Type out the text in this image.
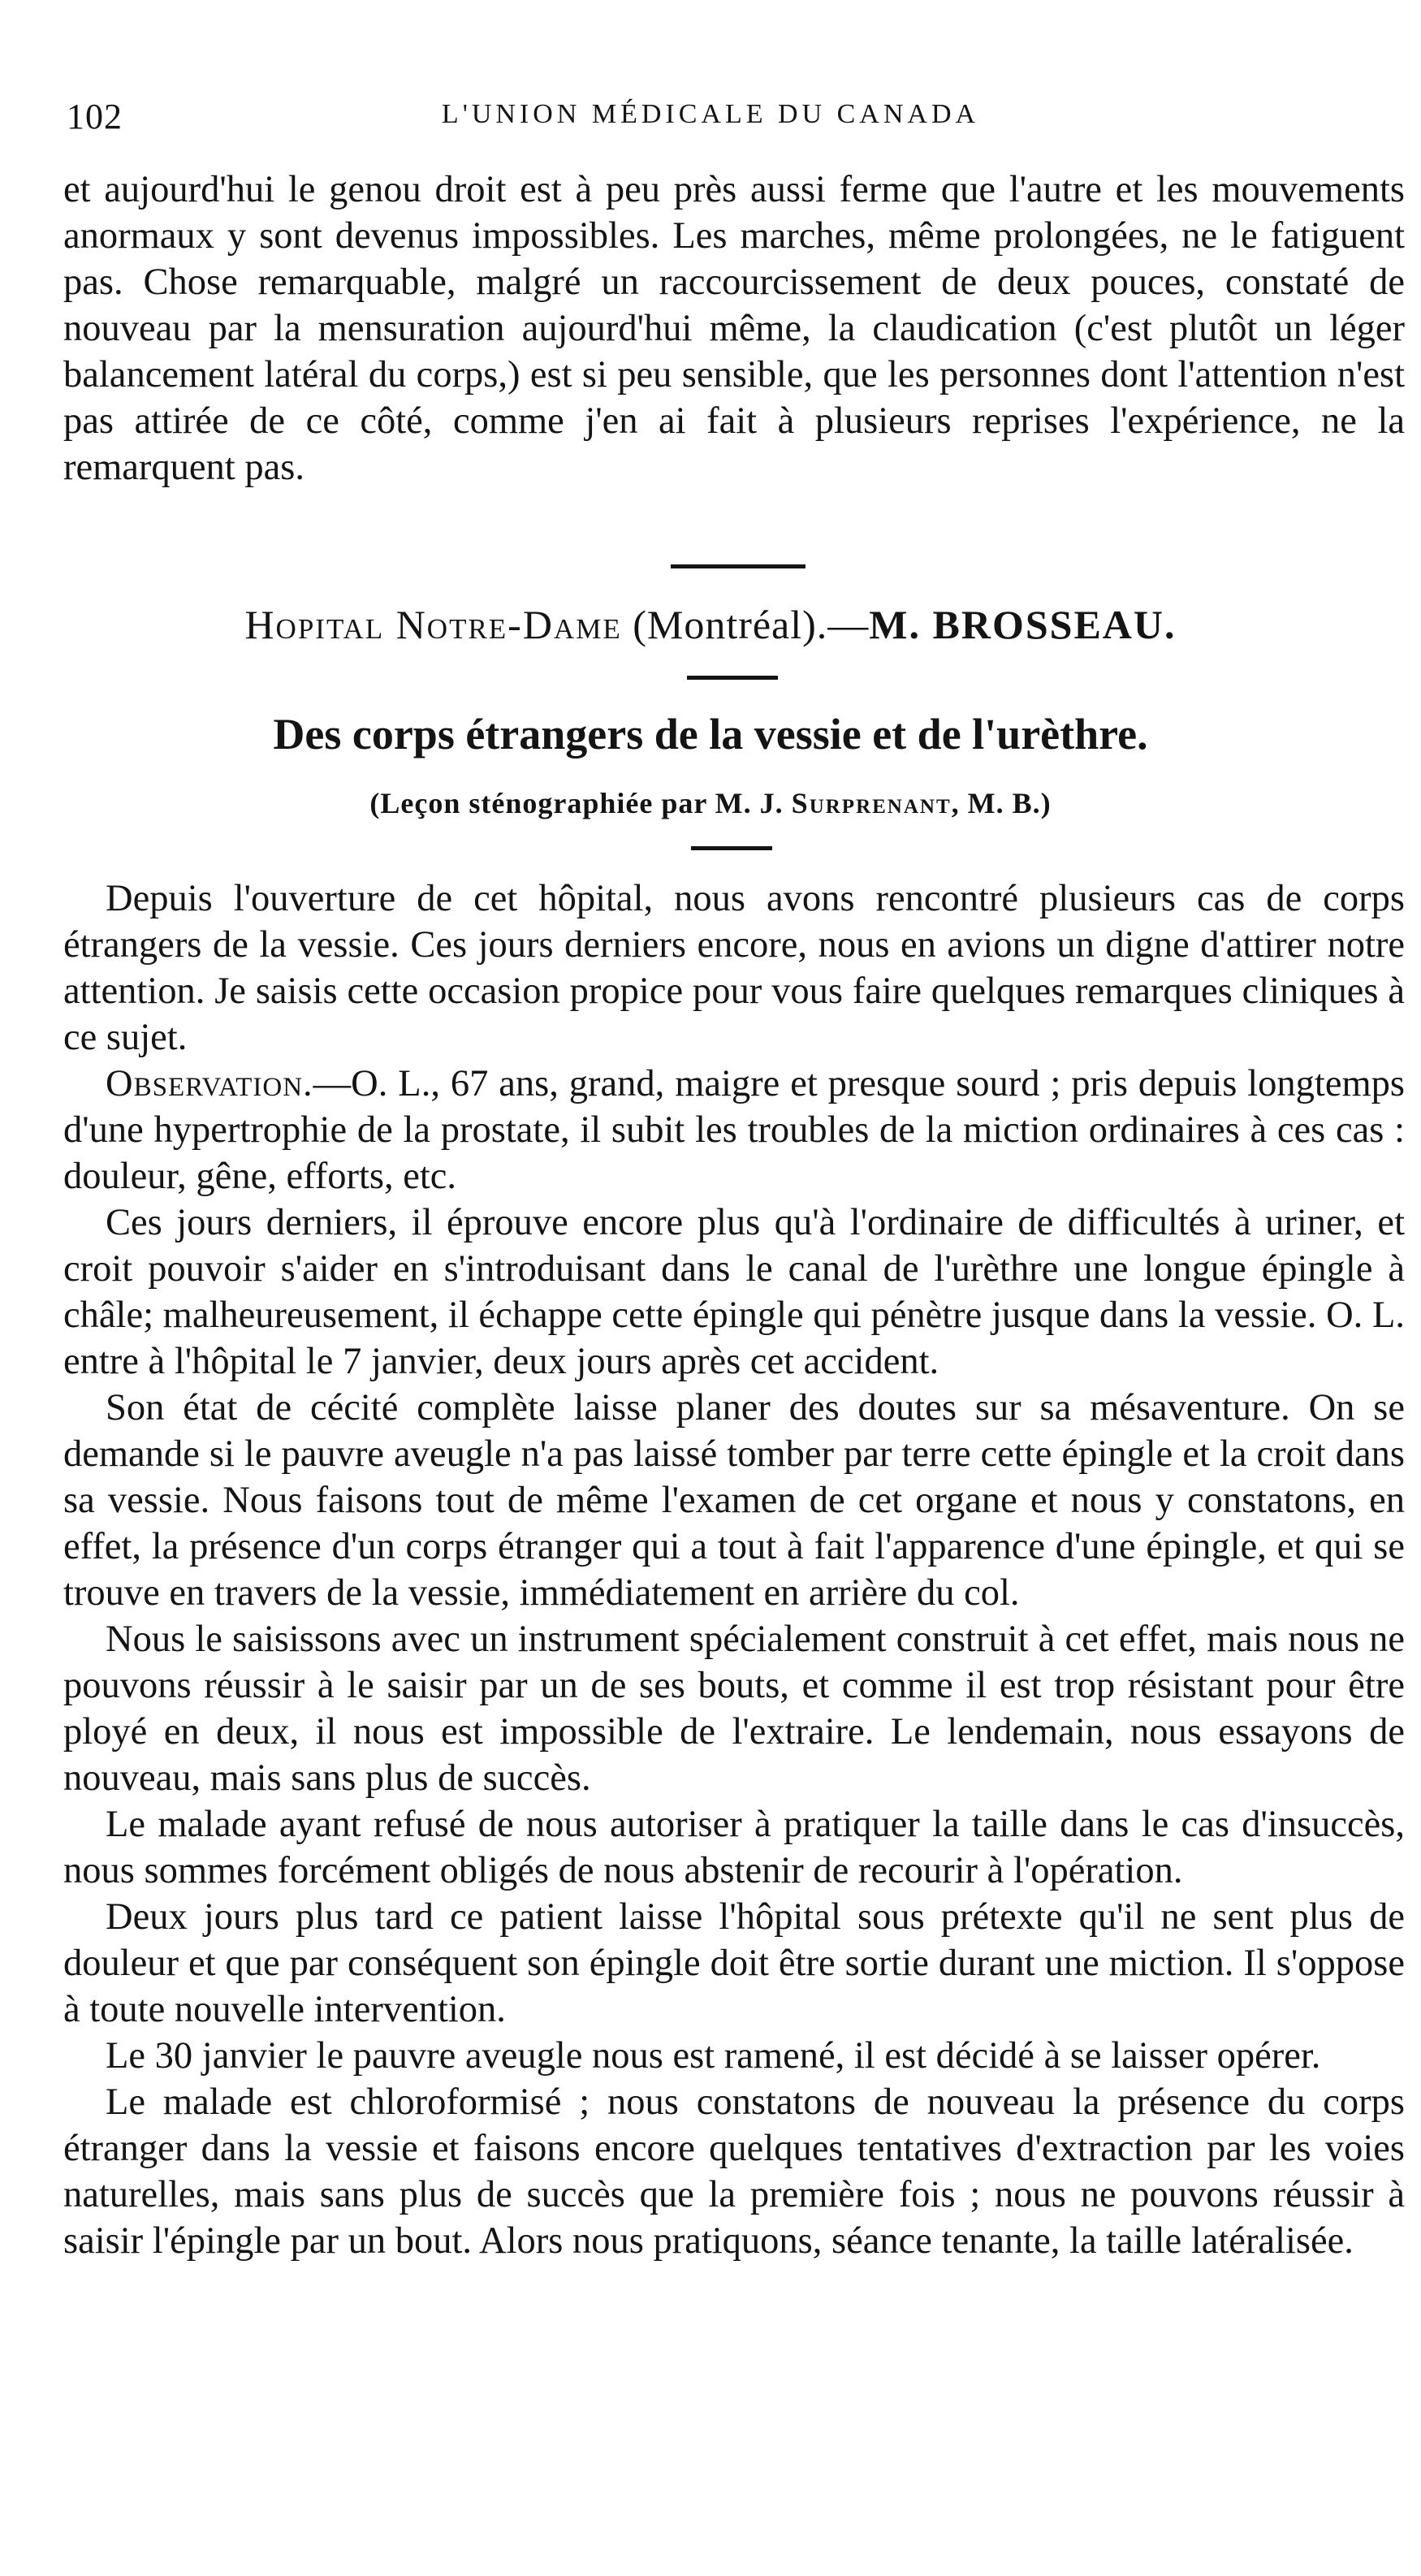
102	L'UNION MÉDICALE DU CANADA

et aujourd'hui le genou droit est à peu près aussi ferme que l'autre et les mouvements anormaux y sont devenus impossibles. Les marches, même prolongées, ne le fatiguent pas. Chose remarquable, malgré un raccourcissement de deux pouces, constaté de nouveau par la mensuration aujourd'hui même, la claudication (c'est plutôt un léger balancement latéral du corps,) est si peu sensible, que les personnes dont l'attention n'est pas attirée de ce côté, comme j'en ai fait à plusieurs reprises l'expérience, ne la remarquent pas.

Hopital Notre-Dame (Montréal).—M. BROSSEAU.
Des corps étrangers de la vessie et de l'urèthre.
(Leçon sténographiée par M. J. Surprenant, M. B.)

Depuis l'ouverture de cet hôpital, nous avons rencontré plusieurs cas de corps étrangers de la vessie. Ces jours derniers encore, nous en avions un digne d'attirer notre attention. Je saisis cette occasion propice pour vous faire quelques remarques cliniques à ce sujet.

Observation.—O. L., 67 ans, grand, maigre et presque sourd ; pris depuis longtemps d'une hypertrophie de la prostate, il subit les troubles de la miction ordinaires à ces cas : douleur, gêne, efforts, etc.

Ces jours derniers, il éprouve encore plus qu'à l'ordinaire de difficultés à uriner, et croit pouvoir s'aider en s'introduisant dans le canal de l'urèthre une longue épingle à châle; malheureusement, il échappe cette épingle qui pénètre jusque dans la vessie. O. L. entre à l'hôpital le 7 janvier, deux jours après cet accident.

Son état de cécité complète laisse planer des doutes sur sa mésaventure. On se demande si le pauvre aveugle n'a pas laissé tomber par terre cette épingle et la croit dans sa vessie. Nous faisons tout de même l'examen de cet organe et nous y constatons, en effet, la présence d'un corps étranger qui a tout à fait l'apparence d'une épingle, et qui se trouve en travers de la vessie, immédiatement en arrière du col.

Nous le saisissons avec un instrument spécialement construit à cet effet, mais nous ne pouvons réussir à le saisir par un de ses bouts, et comme il est trop résistant pour être ployé en deux, il nous est impossible de l'extraire. Le lendemain, nous essayons de nouveau, mais sans plus de succès.

Le malade ayant refusé de nous autoriser à pratiquer la taille dans le cas d'insuccès, nous sommes forcément obligés de nous abstenir de recourir à l'opération.

Deux jours plus tard ce patient laisse l'hôpital sous prétexte qu'il ne sent plus de douleur et que par conséquent son épingle doit être sortie durant une miction. Il s'oppose à toute nouvelle intervention.

Le 30 janvier le pauvre aveugle nous est ramené, il est décidé à se laisser opérer.

Le malade est chloroformisé ; nous constatons de nouveau la présence du corps étranger dans la vessie et faisons encore quelques tentatives d'extraction par les voies naturelles, mais sans plus de succès que la première fois ; nous ne pouvons réussir à saisir l'épingle par un bout. Alors nous pratiquons, séance tenante, la taille latéralisée.
